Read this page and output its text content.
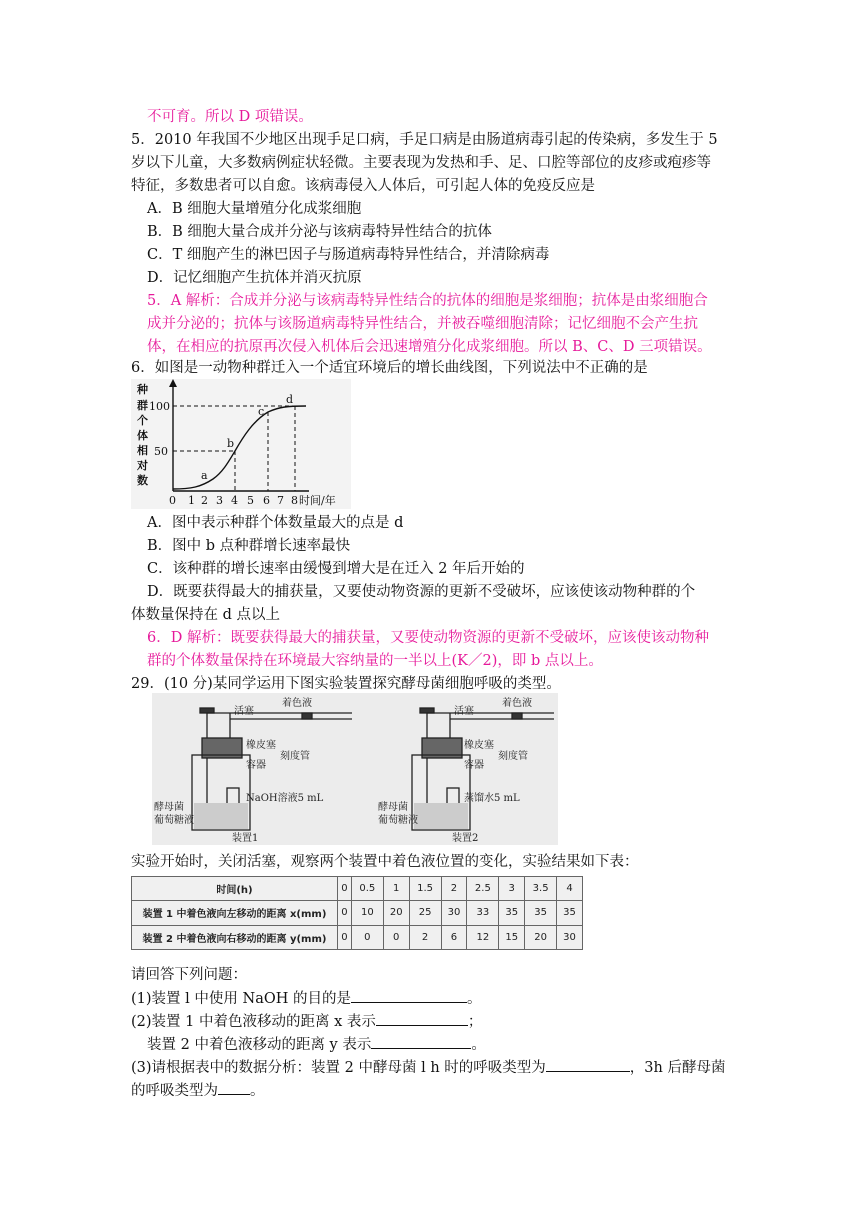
不可育。所以 D 项错误。
5．2010 年我国不少地区出现手足口病，手足口病是由肠道病毒引起的传染病，多发生于 5
岁以下儿童，大多数病例症状轻微。主要表现为发热和手、足、口腔等部位的皮疹或疱疹等
特征，多数患者可以自愈。该病毒侵入人体后，可引起人体的免疫反应是
A．B 细胞大量增殖分化成浆细胞
B．B 细胞大量合成并分泌与该病毒特异性结合的抗体
C．T 细胞产生的淋巴因子与肠道病毒特异性结合，并清除病毒
D．记忆细胞产生抗体并消灭抗原
5．A 解析：合成并分泌与该病毒特异性结合的抗体的细胞是浆细胞；抗体是由浆细胞合
成并分泌的；抗体与该肠道病毒特异性结合，并被吞噬细胞清除；记忆细胞不会产生抗
体，在相应的抗原再次侵入机体后会迅速增殖分化成浆细胞。所以 B、C、D 三项错误。
6．如图是一动物种群迁入一个适宜环境后的增长曲线图，下列说法中不正确的是
种
群
个
体
相
对
数
100
50
a
b
c
d
0 1 2 3 4 5 6 7 8 时间/年
A．图中表示种群个体数量最大的点是 d
B．图中 b 点种群增长速率最快
C．该种群的增长速率由缓慢到增大是在迁入 2 年后开始的
D．既要获得最大的捕获量，又要使动物资源的更新不受破坏，应该使该动物种群的个
体数量保持在 d 点以上
6．D 解析：既要获得最大的捕获量，又要使动物资源的更新不受破坏，应该使该动物种
群的个体数量保持在环境最大容纳量的一半以上(K／2)，即 b 点以上。
29．(10 分)某同学运用下图实验装置探究酵母菌细胞呼吸的类型。
着色液
活塞
橡皮塞
刻度管
容器
NaOH溶液5 mL
酵母菌
葡萄糖液
装置1
着色液
活塞
橡皮塞
刻度管
容器
蒸馏水5 mL
酵母菌
葡萄糖液
装置2
实验开始时，关闭活塞，观察两个装置中着色液位置的变化，实验结果如下表：
时间(h)	0	0.5	1	1.5	2	2.5	3	3.5	4
装置 1 中着色液向左移动的距离 x(mm)	0	10	20	25	30	33	35	35	35
装置 2 中着色液向右移动的距离 y(mm)	0	0	0	2	6	12	15	20	30
请回答下列问题：
(1)装置 l 中使用 NaOH 的目的是	。
(2)装置 1 中着色液移动的距离 x 表示	；
装置 2 中着色液移动的距离 y 表示	。
(3)请根据表中的数据分析：装置 2 中酵母菌 l h 时的呼吸类型为	，3h 后酵母菌
的呼吸类型为 。
